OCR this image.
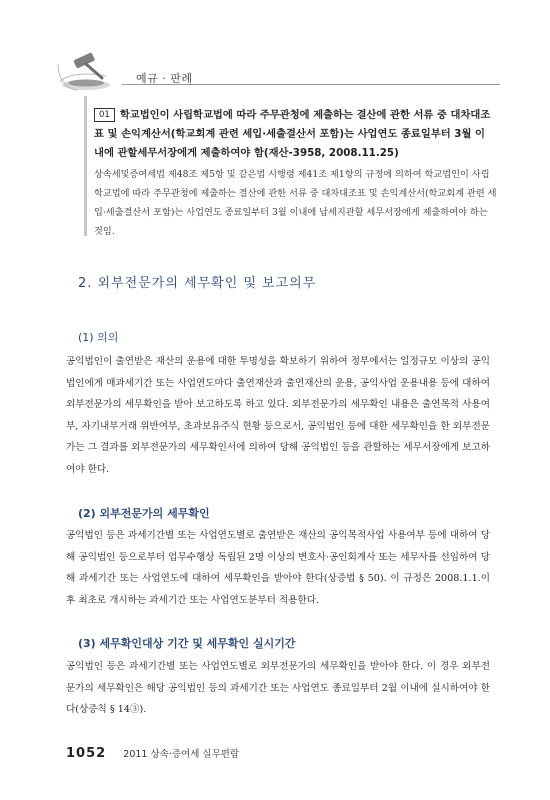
예규 · 판례
01 학교법인이 사립학교법에 따라 주무관청에 제출하는 결산에 관한 서류 중 대차대조표 및 손익계산서(학교회계 관련 세입·세출결산서 포함)는 사업연도 종료일부터 3월 이내에 관할세무서장에게 제출하여야 함(재산-3958, 2008.11.25)
상속세및증여세법 제48조 제5항 및 같은법 시행령 제41조 제1항의 규정에 의하여 학교법인이 사립학교법에 따라 주무관청에 제출하는 결산에 관한 서류 중 대차대조표 및 손익계산서(학교회계 관련 세입·세출결산서 포함)는 사업연도 종료일부터 3월 이내에 납세지관할 세무서장에게 제출하여야 하는 것임.
2. 외부전문가의 세무확인 및 보고의무
(1) 의의
공익법인이 출연받은 재산의 운용에 대한 투명성을 확보하기 위하여 정부에서는 일정규모 이상의 공익법인에게 매과세기간 또는 사업연도마다 출연재산과 출연재산의 운용, 공익사업 운용내용 등에 대하여 외부전문가의 세무확인을 받아 보고하도록 하고 있다. 외부전문가의 세무확인 내용은 출연목적 사용여부, 자기내부거래 위반여부, 초과보유주식 현황 등으로서, 공익법인 등에 대한 세무확인을 한 외부전문가는 그 결과를 외부전문가의 세무확인서에 의하여 당해 공익법인 등을 관할하는 세무서장에게 보고하여야 한다.
(2) 외부전문가의 세무확인
공익법인 등은 과세기간별 또는 사업연도별로 출연받은 재산의 공익목적사업 사용여부 등에 대하여 당해 공익법인 등으로부터 업무수행상 독립된 2명 이상의 변호사·공인회계사 또는 세무사를 선임하여 당해 과세기간 또는 사업연도에 대하여 세무확인을 받아야 한다(상증법 § 50). 이 규정은 2008.1.1.이후 최초로 개시하는 과세기간 또는 사업연도분부터 적용한다.
(3) 세무확인대상 기간 및 세무확인 실시기간
공익법인 등은 과세기간별 또는 사업연도별로 외부전문가의 세무확인을 받아야 한다. 이 경우 외부전문가의 세무확인은 해당 공익법인 등의 과세기간 또는 사업연도 종료일부터 2월 이내에 실시하여야 한다(상증칙 § 14③).
1052 2011 상속·증여세 실무편람
